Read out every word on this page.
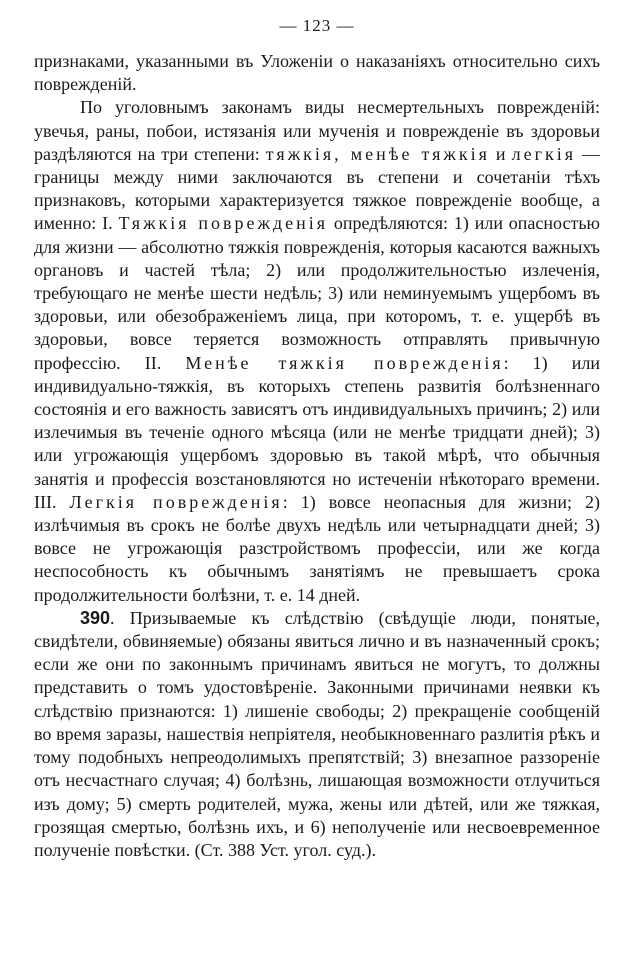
— 123 —

признаками, указанными въ Уложеніи о наказаніяхъ относительно сихъ поврежденій.

По уголовнымъ законамъ виды несмертельныхъ поврежденій: увечья, раны, побои, истязанія или мученія и поврежденіе въ здоровьи раздѣляются на три степени: тяжкія, менѣе тяжкія и легкія — границы между ними заключаются въ степени и сочетаніи тѣхъ признаковъ, которыми характеризуется тяжкое поврежденіе вообще, а именно: I. Тяжкія поврежденія опредѣляются: 1) или опасностью для жизни — абсолютно тяжкія поврежденія, которыя касаются важныхъ органовъ и частей тѣла; 2) или продолжительностью излеченія, требующаго не менѣе шести недѣль; 3) или неминуемымъ ущербомъ въ здоровьи, или обезображеніемъ лица, при которомъ, т. е. ущербѣ въ здоровьи, вовсе теряется возможность отправлять привычную профессію. II. Менѣе тяжкія поврежденія: 1) или индивидуально-тяжкія, въ которыхъ степень развитія болѣзненнаго состоянія и его важность зависятъ отъ индивидуальныхъ причинъ; 2) или излечимыя въ теченіе одного мѣсяца (или не менѣе тридцати дней); 3) или угрожающія ущербомъ здоровью въ такой мѣрѣ, что обычныя занятія и профессія возстановляются но истеченіи нѣкотораго времени. III. Легкія поврежденія: 1) вовсе неопасныя для жизни; 2) излѣчимыя въ срокъ не болѣе двухъ недѣль или четырнадцати дней; 3) вовсе не угрожающія разстройствомъ профессіи, или же когда неспособность къ обычнымъ занятіямъ не превышаетъ срока продолжительности болѣзни, т. е. 14 дней.

390. Призываемые къ слѣдствію (свѣдущіе люди, понятые, свидѣтели, обвиняемые) обязаны явиться лично и въ назначенный срокъ; если же они по законнымъ причинамъ явиться не могутъ, то должны представить о томъ удостовѣреніе. Законными причинами неявки къ слѣдствію признаются: 1) лишеніе свободы; 2) прекращеніе сообщеній во время заразы, нашествія непріятеля, необыкновеннаго разлитія рѣкъ и тому подобныхъ непреодолимыхъ препятствій; 3) внезапное раззореніе отъ несчастнаго случая; 4) болѣзнь, лишающая возможности отлучиться изъ дому; 5) смерть родителей, мужа, жены или дѣтей, или же тяжкая, грозящая смертью, болѣзнь ихъ, и 6) неполученіе или несвоевременное полученіе повѣстки. (Ст. 388 Уст. угол. суд.).
